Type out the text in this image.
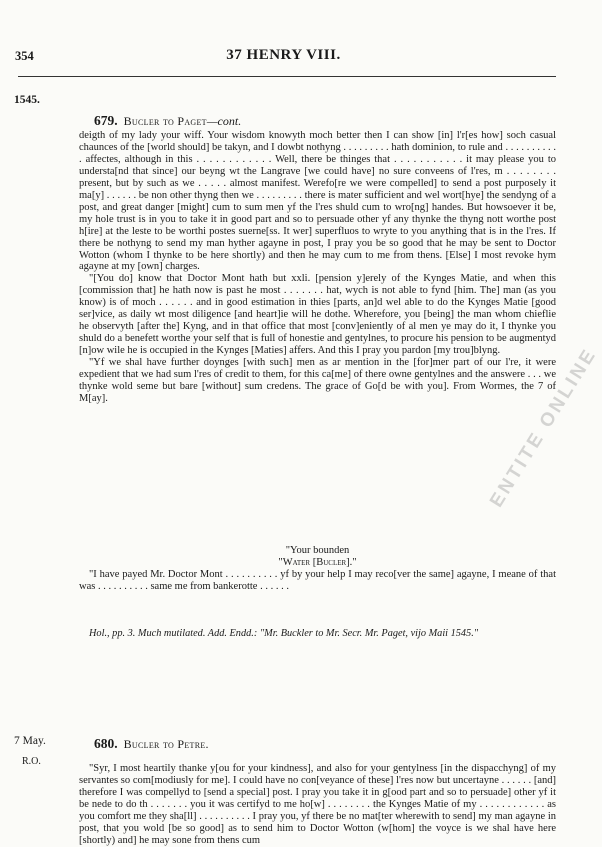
354	37 HENRY VIII.
1545.
679. Bucler to Paget—cont.

deigth of my lady your wiff. Your wisdom knowyth moch better then I can show [in] l'r[es how] soch casual chaunces of the [world should] be takyn, and I dowbt nothyng . . . . . . . . . hath dominion, to rule and . . . . . . . . . . . affectes, although in this . . . . . . . . . . . . Well, there be thinges that . . . . . . . . . . . it may please you to understa[nd that since] our beyng wt the Langrave [we could have] no sure conveens of l'res, m . . . . . . . . present, but by such as we . . . . . almost manifest. Werefo[re we were compelled] to send a post purposely it ma[y] . . . . . . be non other thyng then we . . . . . . . . . there is mater sufficient and wel wort[hye] the sendyng of a post, and great danger [might] cum to sum men yf the l'res shuld cum to wro[ng] handes. But howsoever it be, my hole trust is in you to take it in good part and so to persuade other yf any thynke the thyng nott worthe post h[ire] at the leste to be worthi postes suerne[ss. It wer] superfluos to wryte to you anything that is in the l'res. If there be nothyng to send my man hyther agayne in post, I pray you be so good that he may be sent to Doctor Wotton (whom I thynke to be here shortly) and then he may cum to me from thens. [Else] I most revoke hym agayne at my [own] charges.

"[You do] know that Doctor Mont hath but xxli. [pension y]erely of the Kynges Matie, and when this [commission that] he hath now is past he most . . . . . . . hat, wych is not able to fynd [him. The] man (as you know) is of moch . . . . . . and in good estimation in thies [parts, an]d wel able to do the Kynges Matie [good ser]vice, as daily wt most diligence [and heart]ie will he dothe. Wherefore, you [being] the man whom chieflie he observyth [after the] Kyng, and in that office that most [conv]eniently of al men ye may do it, I thynke you shuld do a benefett worthe your self that is full of honestie and gentylnes, to procure his pension to be augmentyd [n]ow wile he is occupied in the Kynges [Maties] affers. And this I pray you pardon [my trou]blyng.

"Yf we shal have further doynges [with such] men as ar mention in the [for]mer part of our l're, it were expedient that we had sum l'res of credit to them, for this ca[me] of there owne gentylnes and the answere . . . we thynke wold seme but bare [without] sum credens. The grace of Go[d be with you]. From Wormes, the 7 of M[ay].

"Your bounden
"Water [Bucler]."

"I have payed Mr. Doctor Mont . . . . . . . . . . yf by your help I may reco[ver the same] agayne, I meane of that was . . . . . . . . . . same me from bankerotte . . . . . .

Hol., pp. 3. Much mutilated. Add. Endd.: "Mr. Buckler to Mr. Secr. Mr. Paget, vijo Maii 1545."
7 May.
R.O.
680. Bucler to Petre.

"Syr, I most heartily thanke y[ou for your kindness], and also for your gentylness [in the dispacchyng] of my servantes so com[modiusly for me]. I could have no con[veyance of these] l'res now but uncertayne . . . . . . [and] therefore I was compellyd to [send a special] post. I pray you take it in g[ood part and so to persuade] other yf it be nede to do th . . . . . . . you it was certifyd to me ho[w] . . . . . . . . the Kynges Matie of my . . . . . . . . . . . . as you comfort me they sha[ll] . . . . . . . . . . I pray you, yf there be no mat[ter wherewith to send] my man agayne in post, that you wold [be so good] as to send him to Doctor Wotton (w[hom] the voyce is we shal have here [shortly) and] he may sone from thens cum

ENTITE ONLINE
